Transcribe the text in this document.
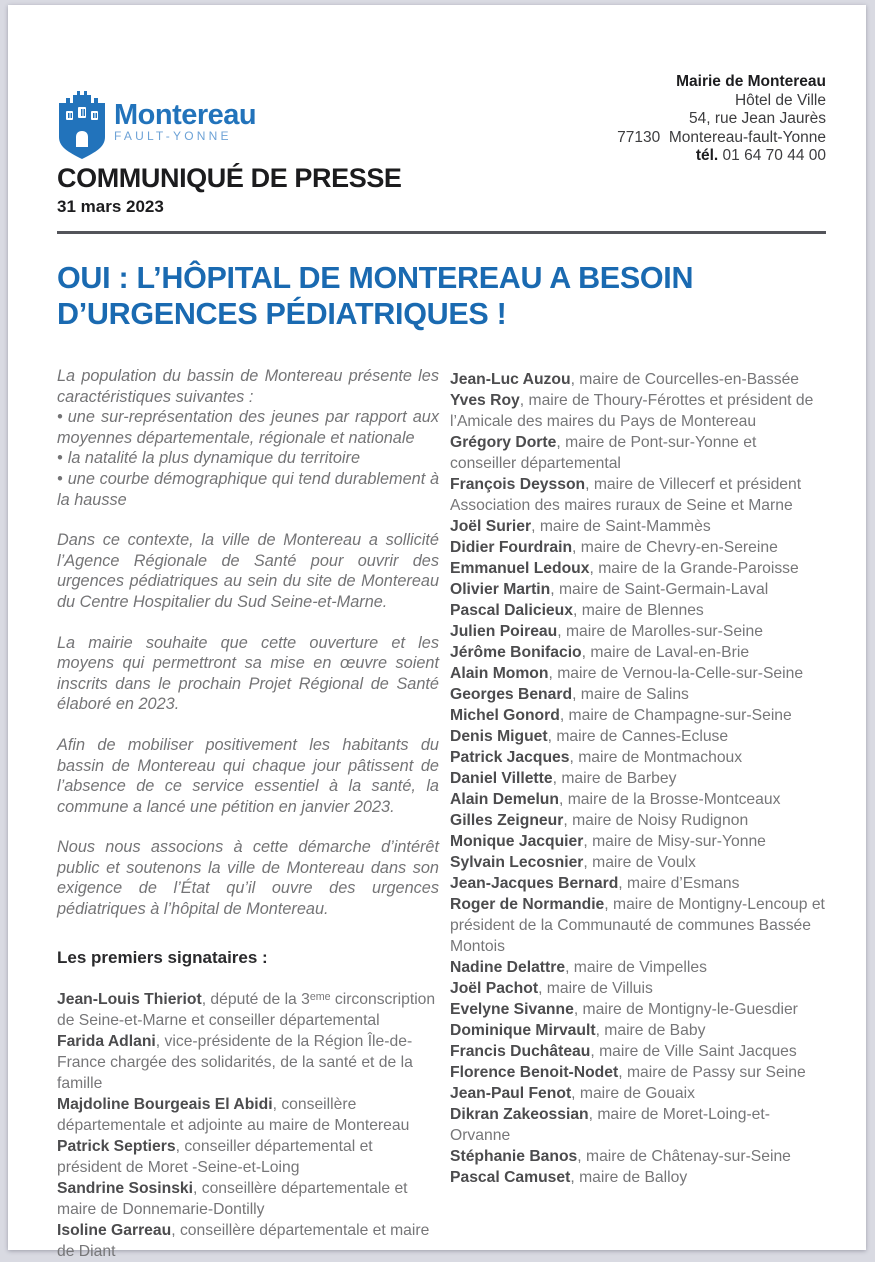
Montereau
FAULT-YONNE
Mairie de Montereau
Hôtel de Ville
54, rue Jean Jaurès
77130  Montereau-fault-Yonne
tél. 01 64 70 44 00
COMMUNIQUÉ DE PRESSE
31 mars 2023
OUI : L’HÔPITAL DE MONTEREAU A BESOIN
D’URGENCES PÉDIATRIQUES !
La population du bassin de Montereau présente les caractéristiques suivantes :
• une sur-représentation des jeunes par rapport aux moyennes départementale, régionale et nationale
• la natalité la plus dynamique du territoire
• une courbe démographique qui tend durablement à la hausse
Dans ce contexte, la ville de Montereau a sollicité l’Agence Régionale de Santé pour ouvrir des urgences pédiatriques au sein du site de Montereau du Centre Hospitalier du Sud Seine-et-Marne.
La mairie souhaite que cette ouverture et les moyens qui permettront sa mise en œuvre soient inscrits dans le prochain Projet Régional de Santé élaboré en 2023.
Afin de mobiliser positivement les habitants du bassin de Montereau qui chaque jour pâtissent de l’absence de ce service essentiel à la santé, la commune a lancé une pétition en janvier 2023.
Nous nous associons à cette démarche d’intérêt public et soutenons la ville de Montereau dans son exigence de l’État qu’il ouvre des urgences pédiatriques à l’hôpital de Montereau.
Les premiers signataires :
Jean-Louis Thieriot, député de la 3ᵉᵐᵉ circonscription de Seine-et-Marne et conseiller départemental
Farida Adlani, vice-présidente de la Région Île-de-France chargée des solidarités, de la santé et de la famille
Majdoline Bourgeais El Abidi, conseillère départementale et adjointe au maire de Montereau
Patrick Septiers, conseiller départemental et président de Moret -Seine-et-Loing
Sandrine Sosinski, conseillère départementale et maire de Donnemarie-Dontilly
Isoline Garreau, conseillère départementale et maire de Diant

Jean-Luc Auzou, maire de Courcelles-en-Bassée
Yves Roy, maire de Thoury-Férottes et président de l’Amicale des maires du Pays de Montereau
Grégory Dorte, maire de Pont-sur-Yonne et conseiller départemental
François Deysson, maire de Villecerf et président Association des maires ruraux de Seine et Marne
Joël Surier, maire de Saint-Mammès
Didier Fourdrain, maire de Chevry-en-Sereine
Emmanuel Ledoux, maire de la Grande-Paroisse
Olivier Martin, maire de Saint-Germain-Laval
Pascal Dalicieux, maire de Blennes
Julien Poireau, maire de Marolles-sur-Seine
Jérôme Bonifacio, maire de Laval-en-Brie
Alain Momon, maire de Vernou-la-Celle-sur-Seine
Georges Benard, maire de Salins
Michel Gonord, maire de Champagne-sur-Seine
Denis Miguet, maire de Cannes-Ecluse
Patrick Jacques, maire de Montmachoux
Daniel Villette, maire de Barbey
Alain Demelun, maire de la Brosse-Montceaux
Gilles Zeigneur, maire de Noisy Rudignon
Monique Jacquier, maire de Misy-sur-Yonne
Sylvain Lecosnier, maire de Voulx
Jean-Jacques Bernard, maire d’Esmans
Roger de Normandie, maire de Montigny-Lencoup et président de la Communauté de communes Bassée Montois
Nadine Delattre, maire de Vimpelles
Joël Pachot, maire de Villuis
Evelyne Sivanne, maire de Montigny-le-Guesdier
Dominique Mirvault, maire de Baby
Francis Duchâteau, maire de Ville Saint Jacques
Florence Benoit-Nodet, maire de Passy sur Seine
Jean-Paul Fenot, maire de Gouaix
Dikran Zakeossian, maire de Moret-Loing-et-Orvanne
Stéphanie Banos, maire de Châtenay-sur-Seine
Pascal Camuset, maire de Balloy
